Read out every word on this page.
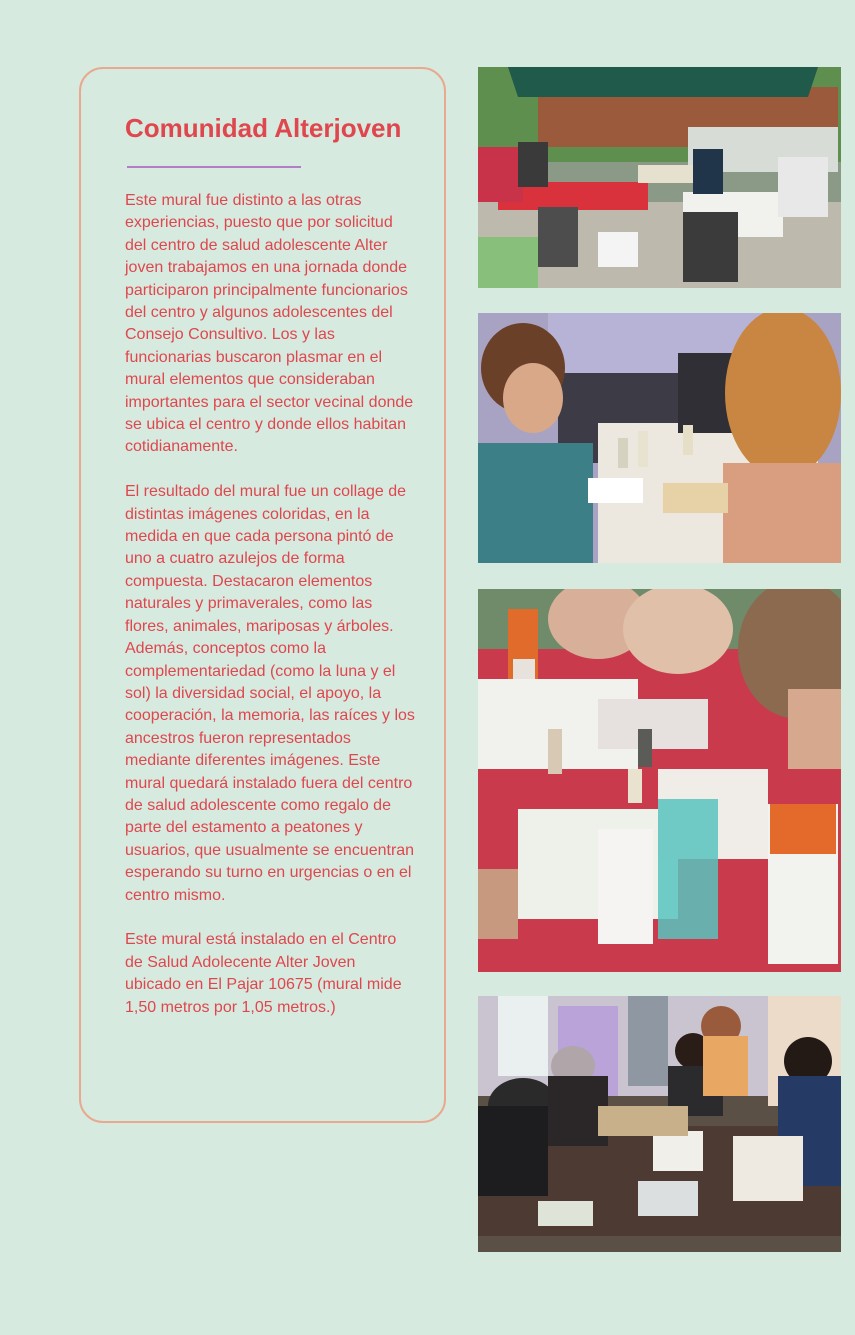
Comunidad Alterjoven

Este mural fue distinto a las otras experiencias, puesto que por solicitud del centro de salud adolescente Alter joven trabajamos en una jornada donde participaron principalmente funcionarios del centro y algunos adolescentes del Consejo Consultivo. Los y las funcionarias buscaron plasmar en el mural elementos que consideraban importantes para el sector vecinal donde se ubica el centro y donde ellos habitan cotidianamente.

El resultado del mural fue un collage de distintas imágenes coloridas, en la medida en que cada persona pintó de uno a cuatro azulejos de forma compuesta. Destacaron elementos naturales y primaverales, como las flores, animales, mariposas y árboles. Además, conceptos como la complementariedad (como la luna y el sol) la diversidad social, el apoyo, la cooperación, la memoria, las raíces y los ancestros fueron representados mediante diferentes imágenes. Este mural quedará instalado fuera del centro de salud adolescente como regalo de parte del estamento a peatones y usuarios, que usualmente se encuentran esperando su turno en urgencias o en el centro mismo.

Este mural está instalado en el Centro de Salud Adolecente Alter Joven ubicado en El Pajar 10675 (mural mide 1,50 metros por 1,05 metros.)
